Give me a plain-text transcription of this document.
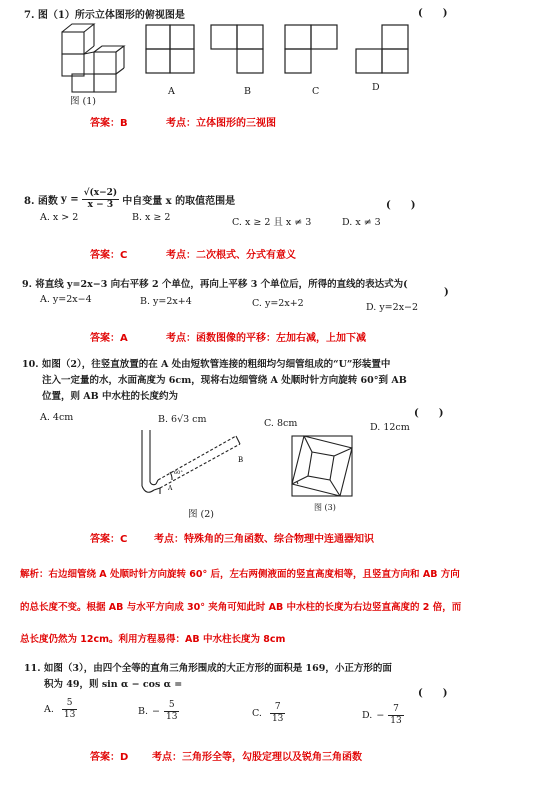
7. 图（1）所示立体图形的俯视图是	(　　)
图 (1)
A	B	C	D
答案：B	考点：立体图形的三视图
8. 函数 $y = \frac{√(x-2)}{x - 3}$ 中自变量 x 的取值范围是	(　　)
A. x > 2	B. x ≥ 2	C. x ≥ 2 且 x ≠ 3	D. x ≠ 3
答案：C	考点：二次根式、分式有意义
9. 将直线 y=2x−3 向右平移 2 个单位，再向上平移 3 个单位后，所得的直线的表达式为(
)
A. y=2x−4	B. y=2x+4	C. y=2x+2	D. y=2x−2
答案：A	考点：函数图像的平移：左加右减，上加下减
10. 如图（2），往竖直放置的在 A 处由短软管连接的粗细均匀细管组成的“U”形装置中
注入一定量的水，水面高度为 6cm，现将右边细管绕 A 处顺时针方向旋转 60°到 AB
位置，则 AB 中水柱的长度约为
(　　)
A. 4cm	B. 6√3 cm	C. 8cm	D. 12cm
B
A
60°
图 (2)
图 (3)
答案：C	考点：特殊角的三角函数、综合物理中连通器知识
解析：右边细管绕 A 处顺时针方向旋转 60° 后，左右两侧液面的竖直高度相等，且竖直方向和 AB 方向
的总长度不变。根据 AB 与水平方向成 30° 夹角可知此时 AB 中水柱的长度为右边竖直高度的 2 倍，而
总长度仍然为 12cm。利用方程易得：AB 中水柱长度为 8cm
11. 如图（3），由四个全等的直角三角形围成的大正方形的面积是 169，小正方形的面
积为 49，则 sin α − cos α =
(　　)
A. $\frac{5}{13}$	B. − $\frac{5}{13}$	C. $\frac{7}{13}$	D. − $\frac{7}{13}$
答案：D 考点：三角形全等，勾股定理以及锐角三角函数
